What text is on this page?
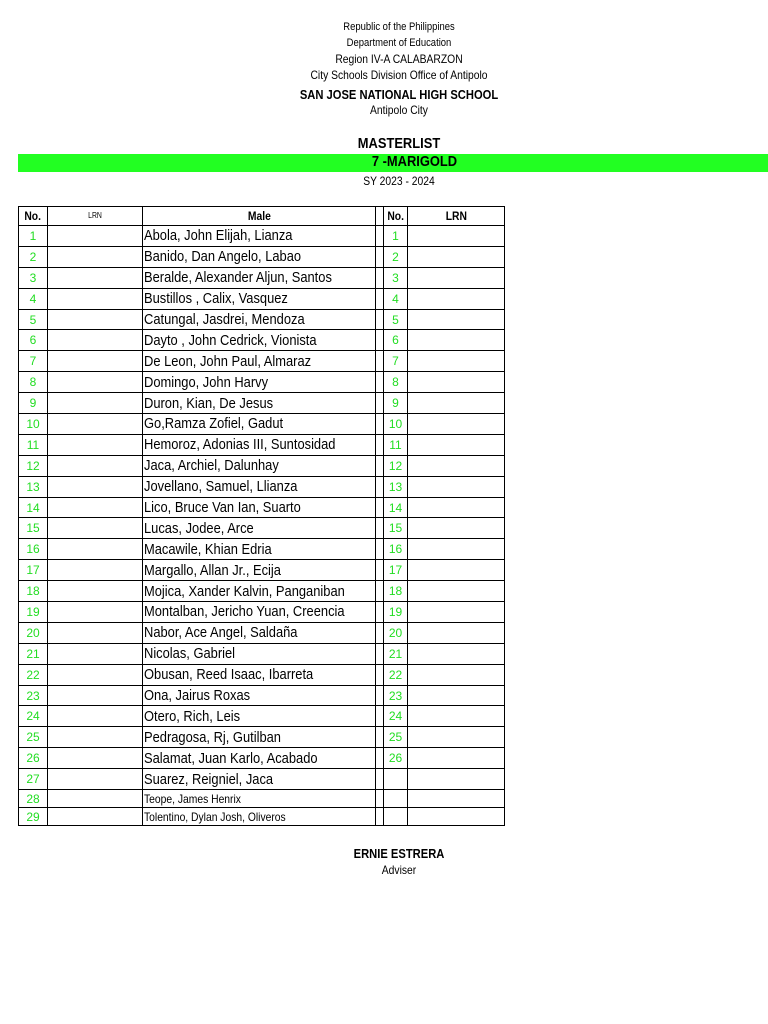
Republic of the Philippines
Department of Education
Region IV-A CALABARZON
City Schools Division Office of Antipolo
SAN JOSE NATIONAL HIGH SCHOOL
Antipolo City
MASTERLIST
7 -MARIGOLD
SY 2023 - 2024
No.	LRN	Male		No.	LRN
1		Abola, John Elijah, Lianza		1	
2		Banido, Dan Angelo, Labao		2	
3		Beralde, Alexander Aljun, Santos		3	
4		Bustillos , Calix, Vasquez		4	
5		Catungal, Jasdrei, Mendoza		5	
6		Dayto , John Cedrick, Vionista		6	
7		De Leon, John Paul, Almaraz		7	
8		Domingo, John Harvy		8	
9		Duron, Kian, De Jesus		9	
10		Go,Ramza Zofiel, Gadut		10	
11		Hemoroz, Adonias III, Suntosidad		11	
12		Jaca, Archiel, Dalunhay		12	
13		Jovellano, Samuel, Llianza		13	
14		Lico, Bruce Van Ian, Suarto		14	
15		Lucas, Jodee, Arce		15	
16		Macawile, Khian Edria		16	
17		Margallo, Allan Jr., Ecija		17	
18		Mojica, Xander Kalvin, Panganiban		18	
19		Montalban, Jericho Yuan, Creencia		19	
20		Nabor, Ace Angel, Saldaña		20	
21		Nicolas, Gabriel		21	
22		Obusan, Reed Isaac, Ibarreta		22	
23		Ona, Jairus Roxas		23	
24		Otero, Rich, Leis		24	
25		Pedragosa, Rj, Gutilban		25	
26		Salamat, Juan Karlo, Acabado		26	
27		Suarez, Reigniel, Jaca			
28		Teope, James Henrix			
29		Tolentino, Dylan Josh, Oliveros			
ERNIE ESTRERA
Adviser
